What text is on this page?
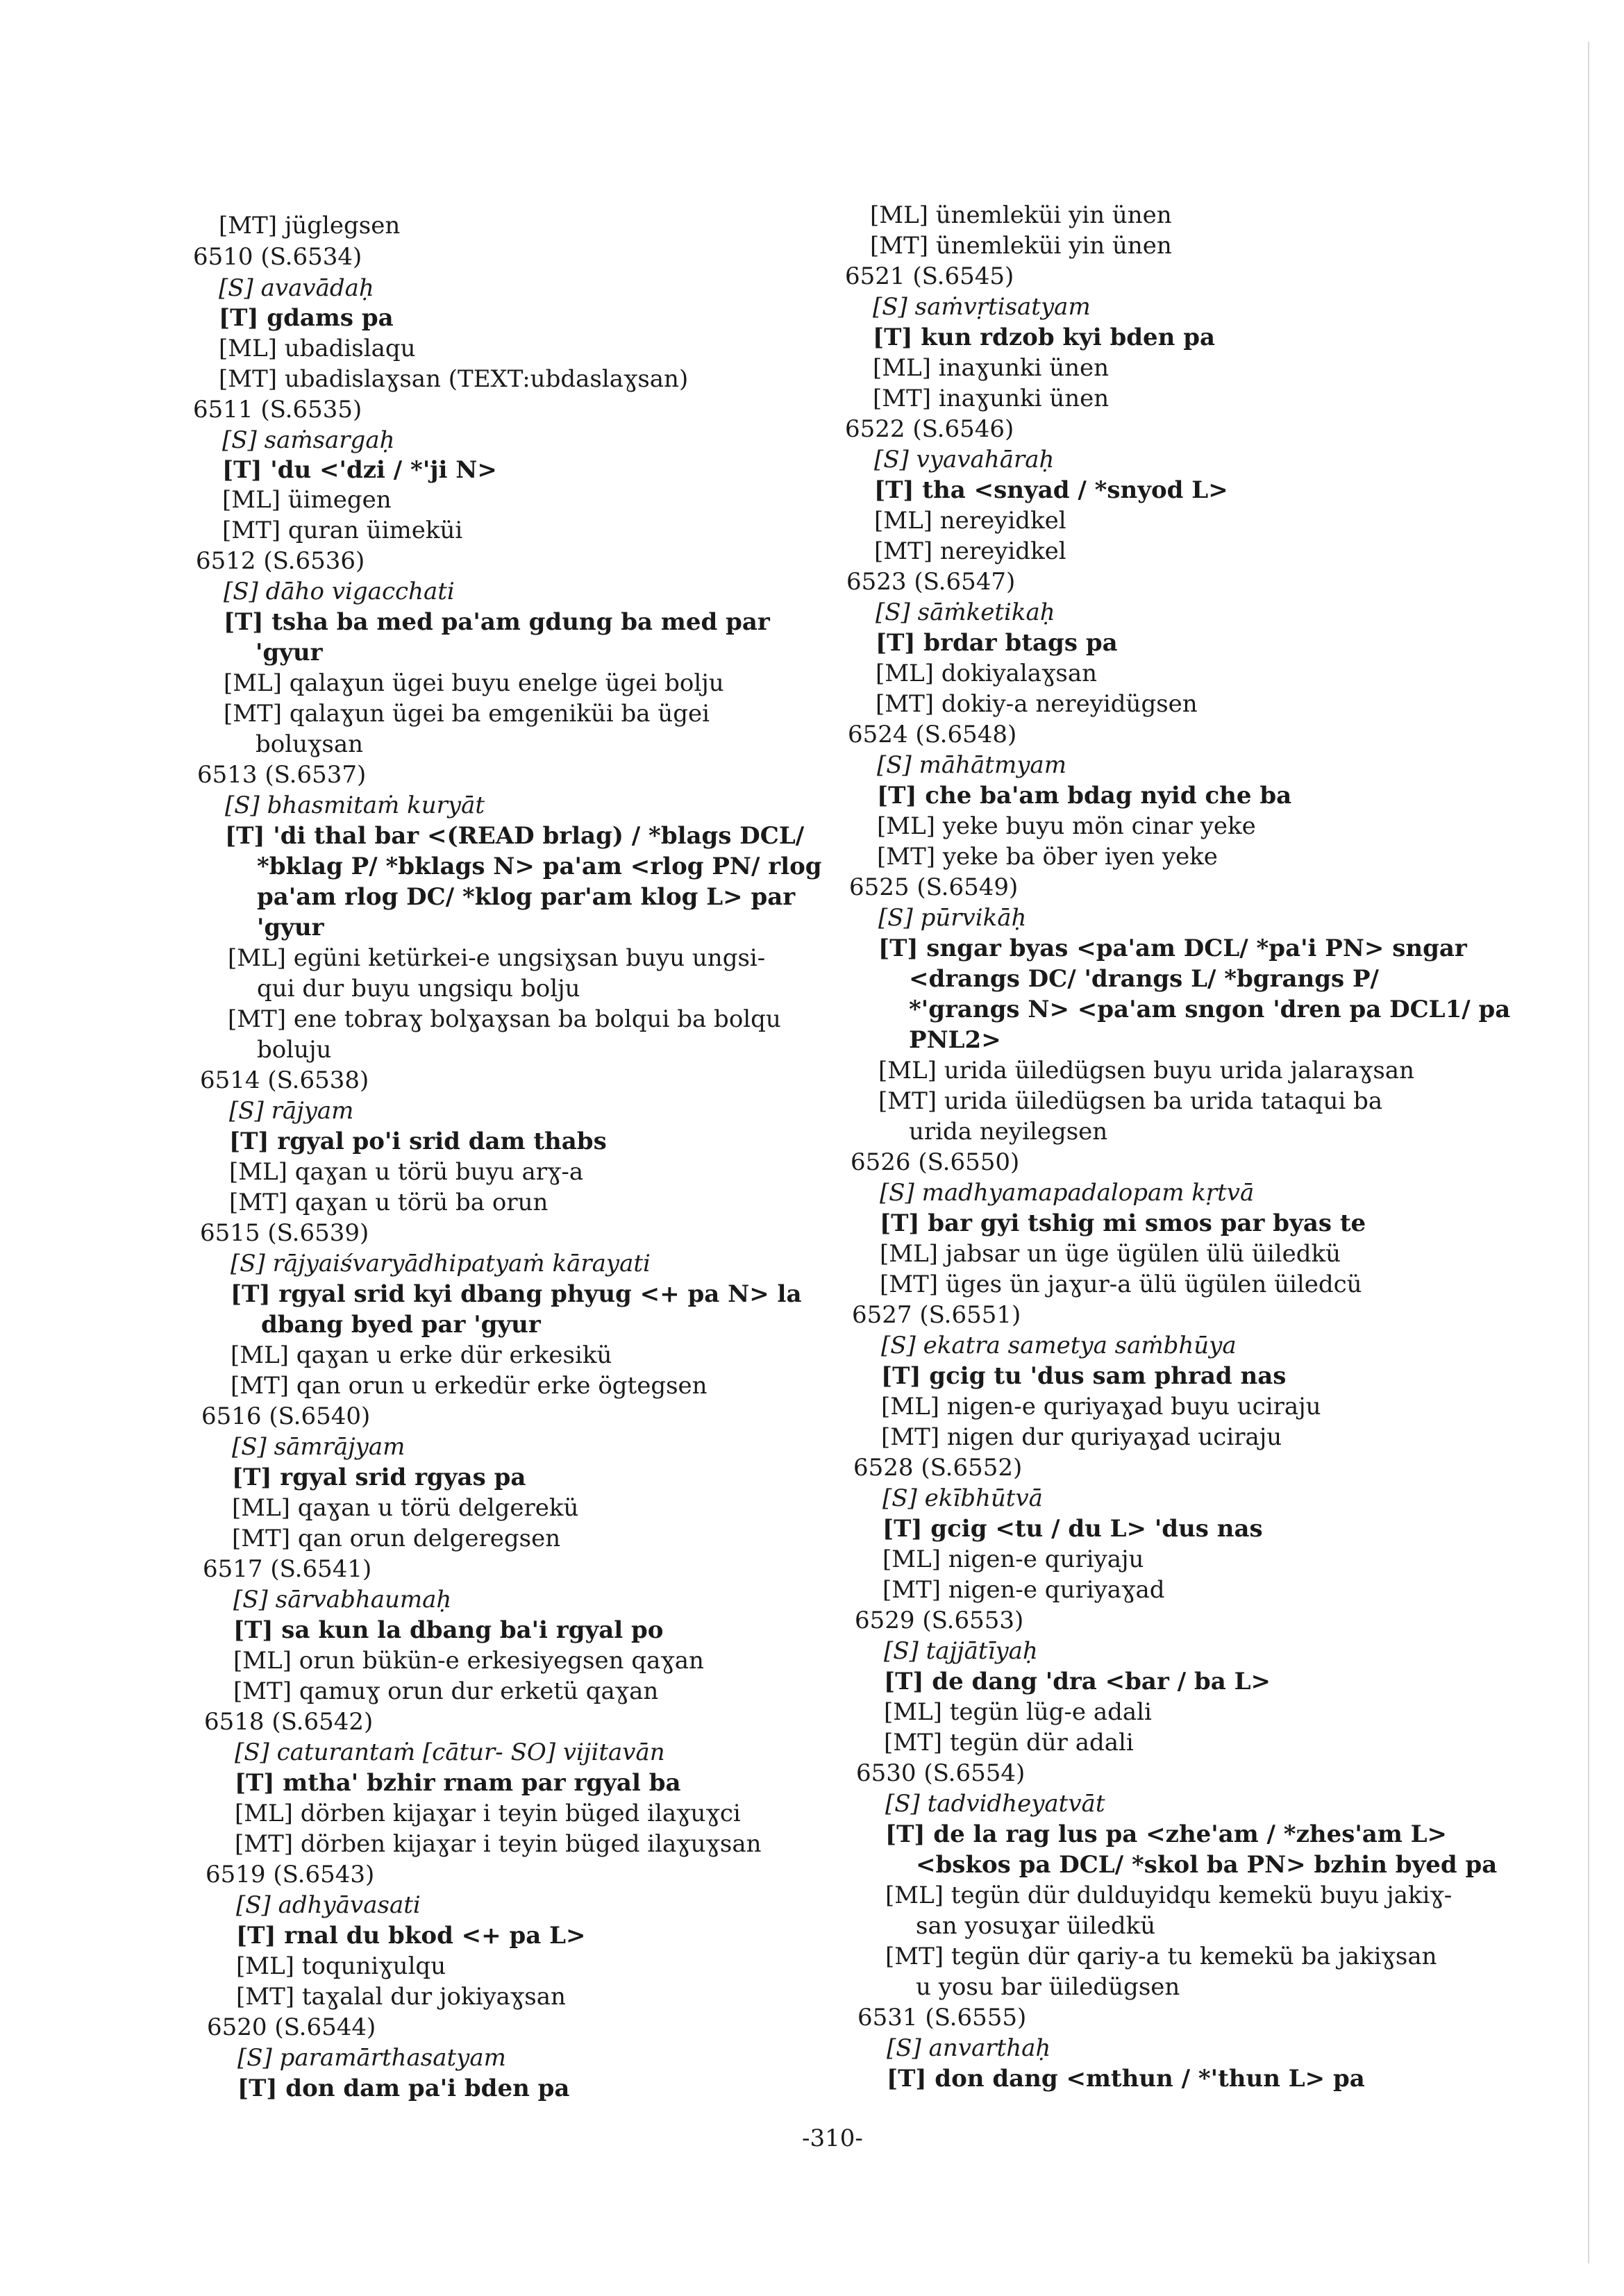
[MT] jüglegsen
6510 (S.6534)
[S] avavādaḥ
[T] gdams pa
[ML] ubadislaqu
[MT] ubadislaɣsan (TEXT:ubdaslaɣsan)
6511 (S.6535)
[S] saṁsargaḥ
[T] 'du <'dzi / *'ji N>
[ML] üimegen
[MT] quran üimeküi
6512 (S.6536)
[S] dāho vigacchati
[T] tsha ba med pa'am gdung ba med par
'gyur
[ML] qalaɣun ügei buyu enelge ügei bolju
[MT] qalaɣun ügei ba emgeniküi ba ügei
boluɣsan
6513 (S.6537)
[S] bhasmitaṁ kuryāt
[T] 'di thal bar <(READ brlag) / *blags DCL/
*bklag P/ *bklags N> pa'am <rlog PN/ rlog
pa'am rlog DC/ *klog par'am klog L> par
'gyur
[ML] egüni ketürkei-e ungsiɣsan buyu ungsi-
qui dur buyu ungsiqu bolju
[MT] ene tobraɣ bolɣaɣsan ba bolqui ba bolqu
boluju
6514 (S.6538)
[S] rājyam
[T] rgyal po'i srid dam thabs
[ML] qaɣan u törü buyu arɣ-a
[MT] qaɣan u törü ba orun
6515 (S.6539)
[S] rājyaiśvaryādhipatyaṁ kārayati
[T] rgyal srid kyi dbang phyug <+ pa N> la
dbang byed par 'gyur
[ML] qaɣan u erke dür erkesikü
[MT] qan orun u erkedür erke ögtegsen
6516 (S.6540)
[S] sāmrājyam
[T] rgyal srid rgyas pa
[ML] qaɣan u törü delgerekü
[MT] qan orun delgeregsen
6517 (S.6541)
[S] sārvabhaumaḥ
[T] sa kun la dbang ba'i rgyal po
[ML] orun bükün-e erkesiyegsen qaɣan
[MT] qamuɣ orun dur erketü qaɣan
6518 (S.6542)
[S] caturantaṁ [cātur- SO] vijitavān
[T] mtha' bzhir rnam par rgyal ba
[ML] dörben kijaɣar i teyin büged ilaɣuɣci
[MT] dörben kijaɣar i teyin büged ilaɣuɣsan
6519 (S.6543)
[S] adhyāvasati
[T] rnal du bkod <+ pa L>
[ML] toquniɣulqu
[MT] taɣalal dur jokiyaɣsan
6520 (S.6544)
[S] paramārthasatyam
[T] don dam pa'i bden pa
[ML] ünemleküi yin ünen
[MT] ünemleküi yin ünen
6521 (S.6545)
[S] saṁvṛtisatyam
[T] kun rdzob kyi bden pa
[ML] inaɣunki ünen
[MT] inaɣunki ünen
6522 (S.6546)
[S] vyavahāraḥ
[T] tha <snyad / *snyod L>
[ML] nereyidkel
[MT] nereyidkel
6523 (S.6547)
[S] sāṁketikaḥ
[T] brdar btags pa
[ML] dokiyalaɣsan
[MT] dokiy-a nereyidügsen
6524 (S.6548)
[S] māhātmyam
[T] che ba'am bdag nyid che ba
[ML] yeke buyu mön cinar yeke
[MT] yeke ba öber iyen yeke
6525 (S.6549)
[S] pūrvikāḥ
[T] sngar byas <pa'am DCL/ *pa'i PN> sngar
<drangs DC/ 'drangs L/ *bgrangs P/
*'grangs N> <pa'am sngon 'dren pa DCL1/ pa
PNL2>
[ML] urida üiledügsen buyu urida jalaraɣsan
[MT] urida üiledügsen ba urida tataqui ba
urida neyilegsen
6526 (S.6550)
[S] madhyamapadalopam kṛtvā
[T] bar gyi tshig mi smos par byas te
[ML] jabsar un üge ügülen ülü üiledkü
[MT] üges ün jaɣur-a ülü ügülen üiledcü
6527 (S.6551)
[S] ekatra sametya saṁbhūya
[T] gcig tu 'dus sam phrad nas
[ML] nigen-e quriyaɣad buyu uciraju
[MT] nigen dur quriyaɣad uciraju
6528 (S.6552)
[S] ekībhūtvā
[T] gcig <tu / du L> 'dus nas
[ML] nigen-e quriyaju
[MT] nigen-e quriyaɣad
6529 (S.6553)
[S] tajjātīyaḥ
[T] de dang 'dra <bar / ba L>
[ML] tegün lüg-e adali
[MT] tegün dür adali
6530 (S.6554)
[S] tadvidheyatvāt
[T] de la rag lus pa <zhe'am / *zhes'am L>
<bskos pa DCL/ *skol ba PN> bzhin byed pa
[ML] tegün dür dulduyidqu kemekü buyu jakiɣ-
san yosuɣar üiledkü
[MT] tegün dür qariy-a tu kemekü ba jakiɣsan
u yosu bar üiledügsen
6531 (S.6555)
[S] anvarthaḥ
[T] don dang <mthun / *'thun L> pa
-310-
